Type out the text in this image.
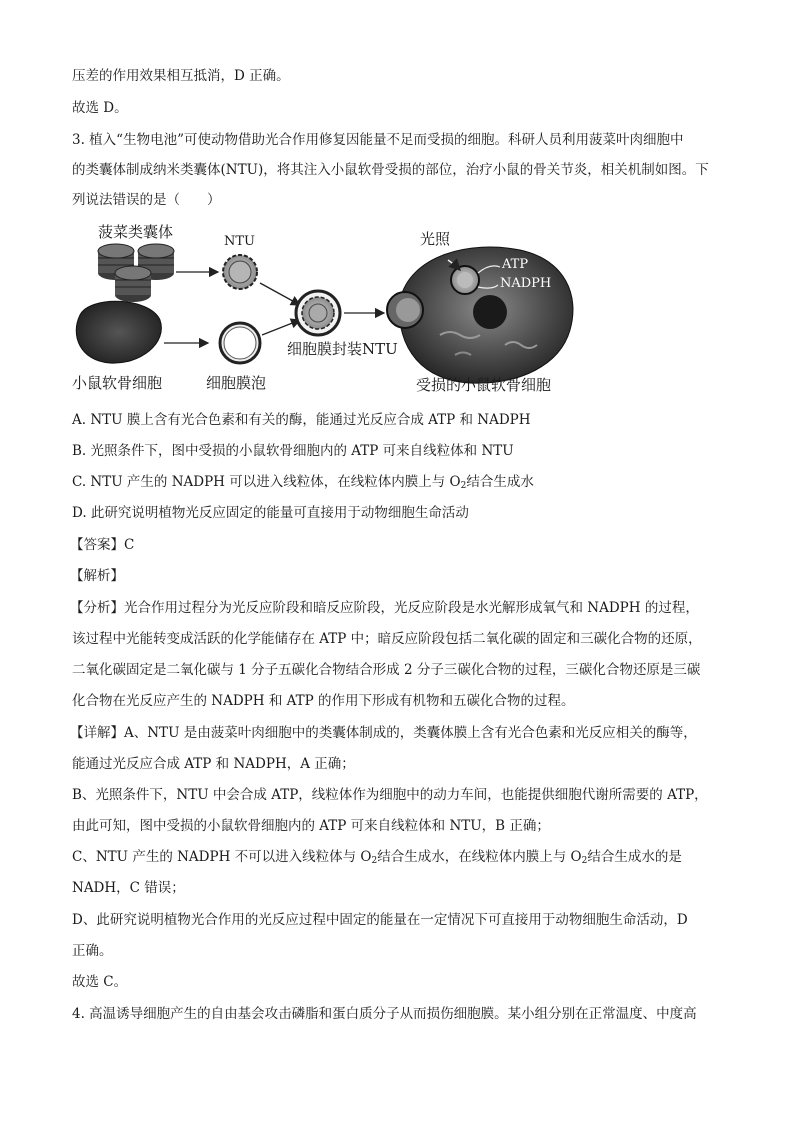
压差的作用效果相互抵消，D 正确。
故选 D。
3. 植入“生物电池”可使动物借助光合作用修复因能量不足而受损的细胞。科研人员利用菠菜叶肉细胞中
的类囊体制成纳米类囊体(NTU)，将其注入小鼠软骨受损的部位，治疗小鼠的骨关节炎，相关机制如图。下
列说法错误的是（　　）
菠菜类囊体
NTU	光照
ATP
NADPH
小鼠软骨细胞	细胞膜泡
细胞膜封装NTU
受损的小鼠软骨细胞
A. NTU 膜上含有光合色素和有关的酶，能通过光反应合成 ATP 和 NADPH
B. 光照条件下，图中受损的小鼠软骨细胞内的 ATP 可来自线粒体和 NTU
C. NTU 产生的 NADPH 可以进入线粒体，在线粒体内膜上与 $O_2$结合生成水
D. 此研究说明植物光反应固定的能量可直接用于动物细胞生命活动
【答案】C
【解析】
【分析】光合作用过程分为光反应阶段和暗反应阶段，光反应阶段是水光解形成氧气和 NADPH 的过程，
该过程中光能转变成活跃的化学能储存在 ATP 中；暗反应阶段包括二氧化碳的固定和三碳化合物的还原，
二氧化碳固定是二氧化碳与 1 分子五碳化合物结合形成 2 分子三碳化合物的过程，三碳化合物还原是三碳
化合物在光反应产生的 NADPH 和 ATP 的作用下形成有机物和五碳化合物的过程。
【详解】A、NTU 是由菠菜叶肉细胞中的类囊体制成的，类囊体膜上含有光合色素和光反应相关的酶等，
能通过光反应合成 ATP 和 NADPH，A 正确；
B、光照条件下，NTU 中会合成 ATP，线粒体作为细胞中的动力车间，也能提供细胞代谢所需要的 ATP，
由此可知，图中受损的小鼠软骨细胞内的 ATP 可来自线粒体和 NTU，B 正确；
C、NTU 产生的 NADPH 不可以进入线粒体与 $O_2$结合生成水，在线粒体内膜上与 $O_2$结合生成水的是
NADH，C 错误；
D、此研究说明植物光合作用的光反应过程中固定的能量在一定情况下可直接用于动物细胞生命活动，D
正确。
故选 C。
4. 高温诱导细胞产生的自由基会攻击磷脂和蛋白质分子从而损伤细胞膜。某小组分别在正常温度、中度高
